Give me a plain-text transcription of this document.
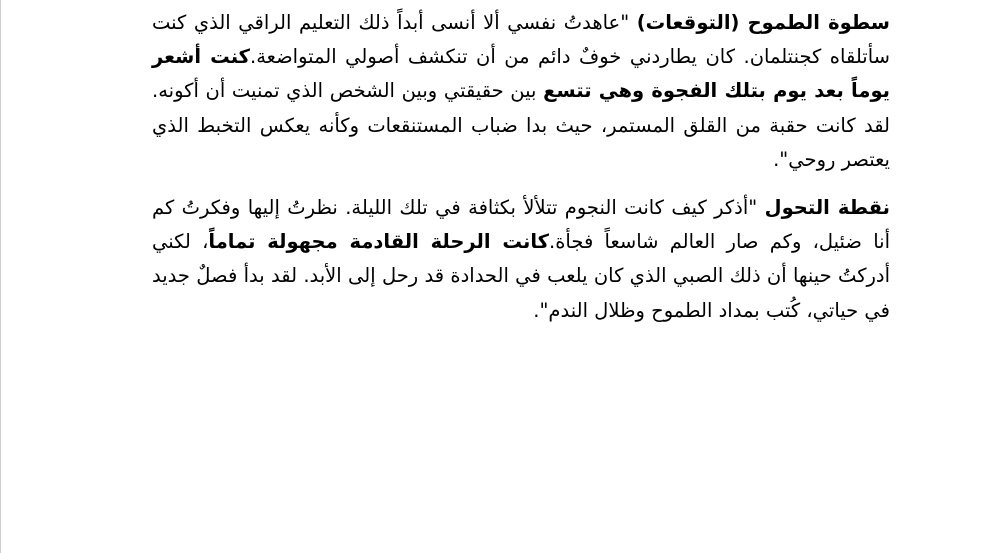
سطوة الطموح (التوقعات) "عاهدتُ نفسي ألا أنسى أبداً ذلك التعليم الراقي الذي كنت سأتلقاه كجنتلمان. كان يطاردني خوفٌ دائم من أن تنكشف أصولي المتواضعة.كنت أشعر يوماً بعد يوم بتلك الفجوة وهي تتسع بين حقيقتي وبين الشخص الذي تمنيت أن أكونه. لقد كانت حقبة من القلق المستمر، حيث بدا ضباب المستنقعات وكأنه يعكس التخبط الذي يعتصر روحي".

نقطة التحول "أذكر كيف كانت النجوم تتلألأ بكثافة في تلك الليلة. نظرتُ إليها وفكرتُ كم أنا ضئيل، وكم صار العالم شاسعاً فجأة.كانت الرحلة القادمة مجهولة تماماً، لكني أدركتُ حينها أن ذلك الصبي الذي كان يلعب في الحدادة قد رحل إلى الأبد. لقد بدأ فصلٌ جديد في حياتي، كُتب بمداد الطموح وظلال الندم".
